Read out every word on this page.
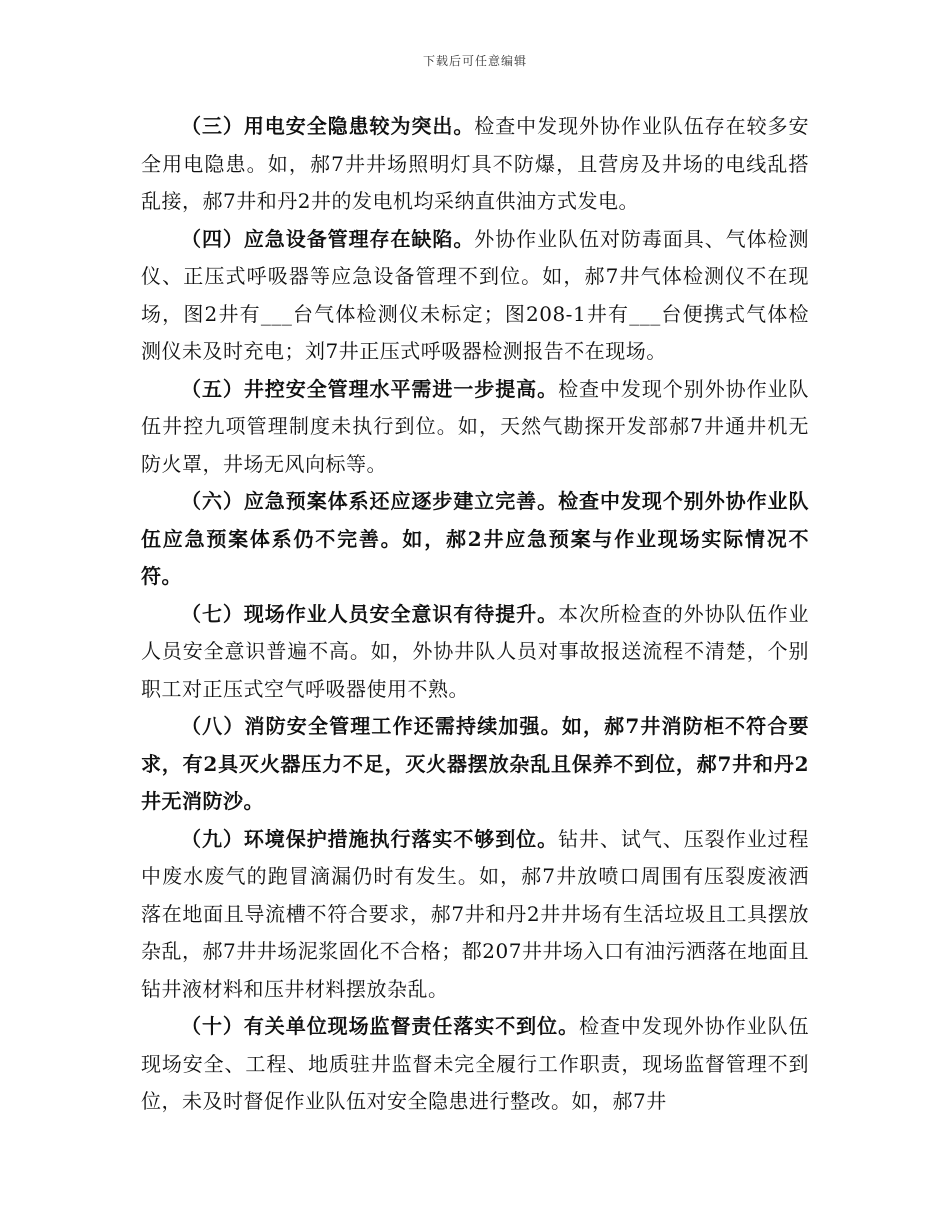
下载后可任意编辑

（三）用电安全隐患较为突出。检查中发现外协作业队伍存在较多安全用电隐患。如，郝7井井场照明灯具不防爆，且营房及井场的电线乱搭乱接，郝7井和丹2井的发电机均采纳直供油方式发电。

（四）应急设备管理存在缺陷。外协作业队伍对防毒面具、气体检测仪、正压式呼吸器等应急设备管理不到位。如，郝7井气体检测仪不在现场，图2井有___台气体检测仪未标定；图208-1井有___台便携式气体检测仪未及时充电；刘7井正压式呼吸器检测报告不在现场。

（五）井控安全管理水平需进一步提高。检查中发现个别外协作业队伍井控九项管理制度未执行到位。如，天然气勘探开发部郝7井通井机无防火罩，井场无风向标等。

（六）应急预案体系还应逐步建立完善。检查中发现个别外协作业队伍应急预案体系仍不完善。如，郝2井应急预案与作业现场实际情况不符。

（七）现场作业人员安全意识有待提升。本次所检查的外协队伍作业人员安全意识普遍不高。如，外协井队人员对事故报送流程不清楚，个别职工对正压式空气呼吸器使用不熟。

（八）消防安全管理工作还需持续加强。如，郝7井消防柜不符合要求，有2具灭火器压力不足，灭火器摆放杂乱且保养不到位，郝7井和丹2井无消防沙。

（九）环境保护措施执行落实不够到位。钻井、试气、压裂作业过程中废水废气的跑冒滴漏仍时有发生。如，郝7井放喷口周围有压裂废液洒落在地面且导流槽不符合要求，郝7井和丹2井井场有生活垃圾且工具摆放杂乱，郝7井井场泥浆固化不合格；都207井井场入口有油污洒落在地面且钻井液材料和压井材料摆放杂乱。

（十）有关单位现场监督责任落实不到位。检查中发现外协作业队伍现场安全、工程、地质驻井监督未完全履行工作职责，现场监督管理不到位，未及时督促作业队伍对安全隐患进行整改。如，郝7井
